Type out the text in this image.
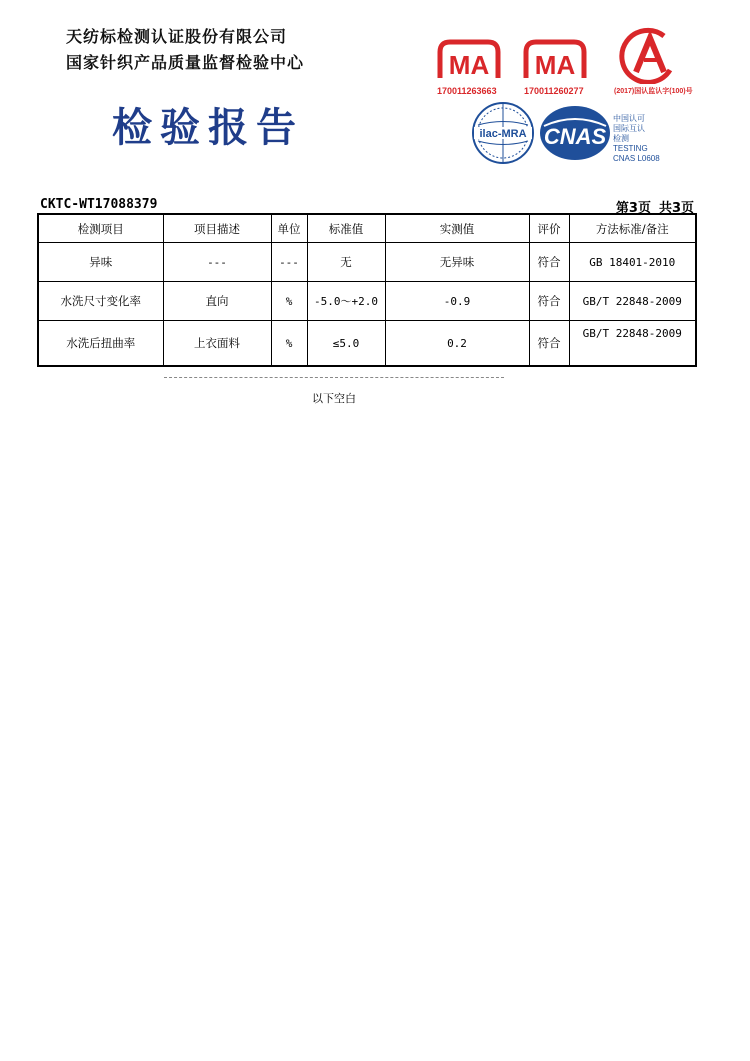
天纺标检测认证股份有限公司
国家针织产品质量监督检验中心
检验报告
MA
170011263663
MA
170011260277	(2017)国认监认字(100)号
ilac-MRA CNAS
中国认可
国际互认
检测
TESTING
CNAS L0608
CKTC-WT17088379	第3页 共3页
检测项目	项目描述	单位	标准值	实测值	评价	方法标准/备注
异味	---	---	无	无异味	符合	GB 18401-2010
水洗尺寸变化率	直向	%	-5.0～+2.0	-0.9	符合	GB/T 22848-2009
水洗后扭曲率	上衣面料	%	≤5.0	0.2	符合	GB/T 22848-2009
以下空白
